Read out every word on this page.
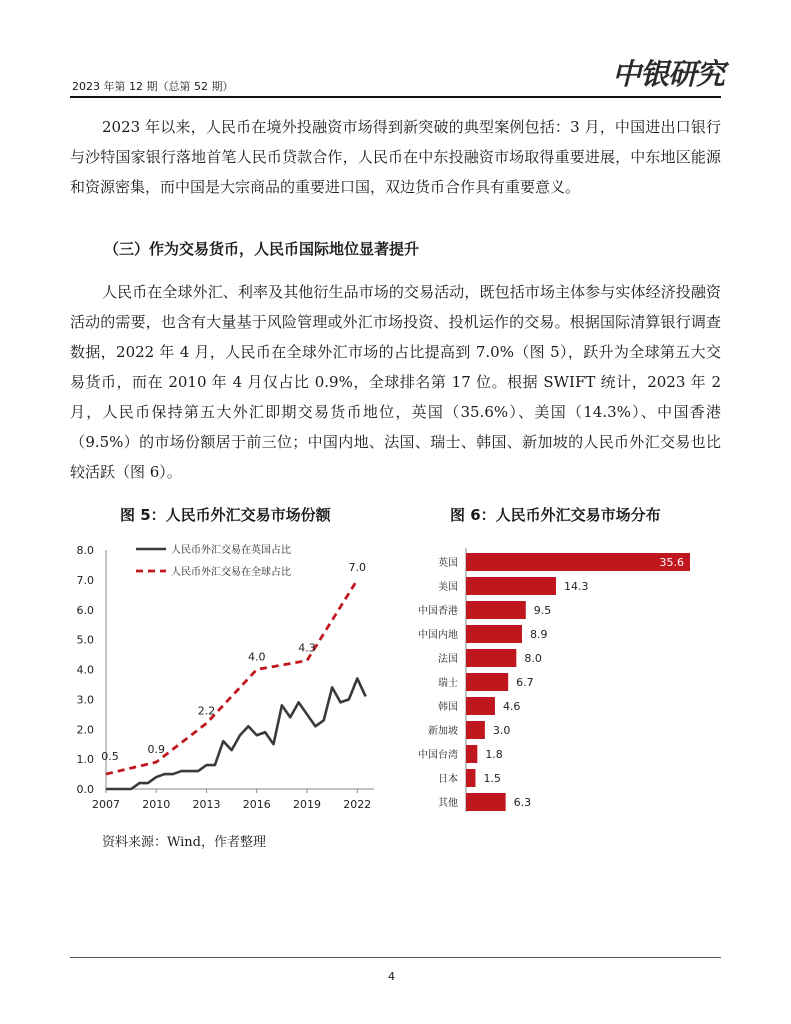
2023 年第 12 期（总第 52 期）	中银研究

2023 年以来，人民币在境外投融资市场得到新突破的典型案例包括：3 月，中国进出口银行与沙特国家银行落地首笔人民币贷款合作，人民币在中东投融资市场取得重要进展，中东地区能源和资源密集，而中国是大宗商品的重要进口国，双边货币合作具有重要意义。

（三）作为交易货币，人民币国际地位显著提升

人民币在全球外汇、利率及其他衍生品市场的交易活动，既包括市场主体参与实体经济投融资活动的需要，也含有大量基于风险管理或外汇市场投资、投机运作的交易。根据国际清算银行调查数据，2022 年 4 月，人民币在全球外汇市场的占比提高到 7.0%（图 5），跃升为全球第五大交易货币，而在 2010 年 4 月仅占比 0.9%，全球排名第 17 位。根据 SWIFT 统计，2023 年 2 月，人民币保持第五大外汇即期交易货币地位，英国（35.6%）、美国（14.3%）、中国香港（9.5%）的市场份额居于前三位；中国内地、法国、瑞士、韩国、新加坡的人民币外汇交易也比较活跃（图 6）。

图 5：人民币外汇交易市场份额	图 6：人民币外汇交易市场分布
0.0
1.0
2.0
3.0
4.0
5.0
6.0
7.0
8.0
2007 2010 2013 2016 2019 2022
0.5
0.9
2.2
4.0
4.3
7.0
人民币外汇交易在英国占比
人民币外汇交易在全球占比
英国	35.6
美国	14.3
中国香港	9.5
中国内地	8.9
法国	8.0
瑞士	6.7
韩国	4.6
新加坡	3.0
中国台湾 1.8
日本 1.5
其他	6.3
资料来源：Wind，作者整理
4
